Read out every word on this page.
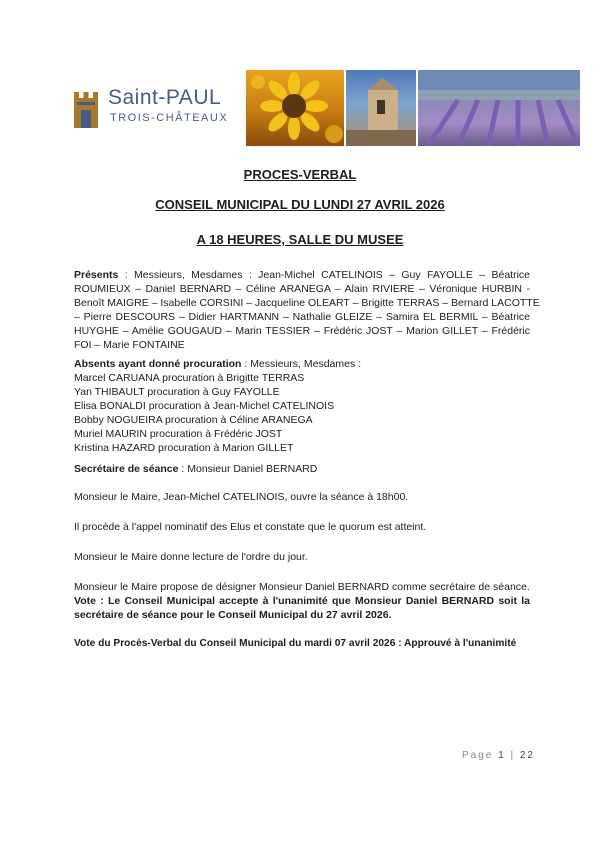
Saint-PAUL
TROIS-CHÂTEAUX
PROCES-VERBAL
CONSEIL MUNICIPAL DU LUNDI 27 AVRIL 2026
A 18 HEURES, SALLE DU MUSEE
Présents : Messieurs, Mesdames : Jean-Michel CATELINOIS – Guy FAYOLLE – Béatrice
ROUMIEUX – Daniel BERNARD – Céline ARANEGA – Alain RIVIERE – Véronique HURBIN -
Benoît MAIGRE – Isabelle CORSINI – Jacqueline OLEART – Brigitte TERRAS – Bernard LACOTTE
– Pierre DESCOURS – Didier HARTMANN – Nathalie GLEIZE – Samira EL BERMIL – Béatrice
HUYGHE – Amélie GOUGAUD – Marin TESSIER – Frédéric JOST – Marion GILLET – Frédéric
FOI – Marie FONTAINE
Absents ayant donné procuration : Messieurs, Mesdames :
Marcel CARUANA procuration à Brigitte TERRAS
Yan THIBAULT procuration à Guy FAYOLLE
Elisa BONALDI procuration à Jean-Michel CATELINOIS
Bobby NOGUEIRA procuration à Céline ARANEGA
Muriel MAURIN procuration à Frédéric JOST
Kristina HAZARD procuration à Marion GILLET
Secrétaire de séance : Monsieur Daniel BERNARD
Monsieur le Maire, Jean-Michel CATELINOIS, ouvre la séance à 18h00.
Il procède à l'appel nominatif des Elus et constate que le quorum est atteint.
Monsieur le Maire donne lecture de l'ordre du jour.
Monsieur le Maire propose de désigner Monsieur Daniel BERNARD comme secrétaire de séance.
Vote : Le Conseil Municipal accepte à l'unanimité que Monsieur Daniel BERNARD soit la
secrétaire de séance pour le Conseil Municipal du 27 avril 2026.
Vote du Procès-Verbal du Conseil Municipal du mardi 07 avril 2026 : Approuvé à l'unanimité
Page 1 | 22
